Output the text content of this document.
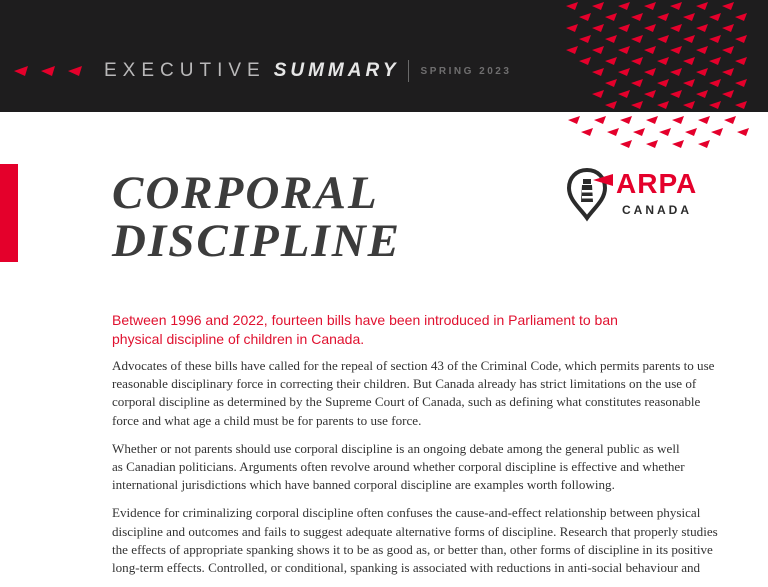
EXECUTIVE SUMMARY SPRING 2023
CORPORAL
DISCIPLINE
ARPA
CANADA

Between 1996 and 2022, fourteen bills have been introduced in Parliament to ban physical discipline of children in Canada.

Advocates of these bills have called for the repeal of section 43 of the Criminal Code, which permits parents to use
reasonable disciplinary force in correcting their children. But Canada already has strict limitations on the use of
corporal discipline as determined by the Supreme Court of Canada, such as defining what constitutes reasonable
force and what age a child must be for parents to use force.

Whether or not parents should use corporal discipline is an ongoing debate among the general public as well
as Canadian politicians. Arguments often revolve around whether corporal discipline is effective and whether
international jurisdictions which have banned corporal discipline are examples worth following.

Evidence for criminalizing corporal discipline often confuses the cause-and-effect relationship between physical
discipline and outcomes and fails to suggest adequate alternative forms of discipline. Research that properly studies
the effects of appropriate spanking shows it to be as good as, or better than, other forms of discipline in its positive
long-term effects. Controlled, or conditional, spanking is associated with reductions in anti-social behaviour and
